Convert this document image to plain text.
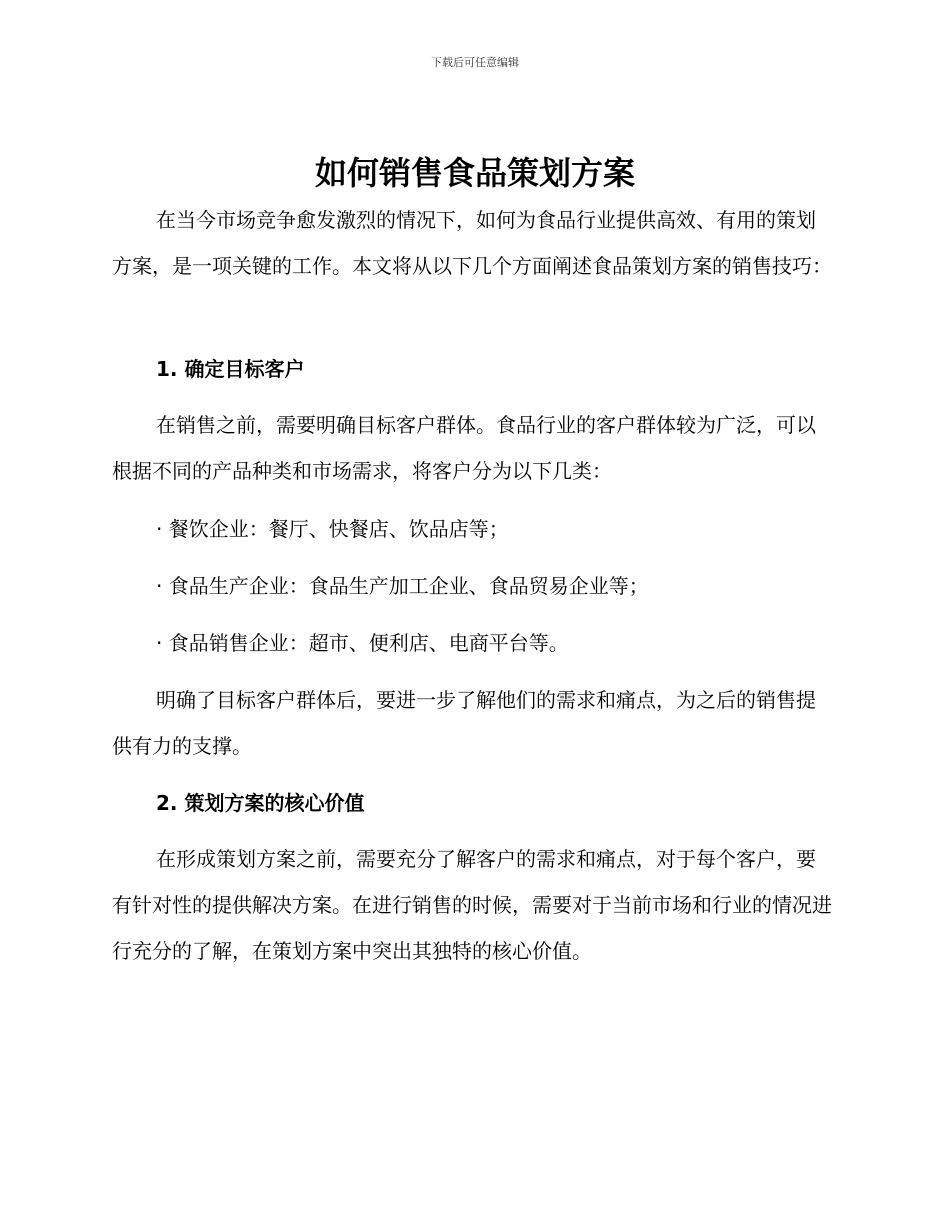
下载后可任意编辑
如何销售食品策划方案

在当今市场竞争愈发激烈的情况下，如何为食品行业提供高效、有用的策划方案，是一项关键的工作。本文将从以下几个方面阐述食品策划方案的销售技巧：

1. 确定目标客户

在销售之前，需要明确目标客户群体。食品行业的客户群体较为广泛，可以根据不同的产品种类和市场需求，将客户分为以下几类：

· 餐饮企业：餐厅、快餐店、饮品店等；
· 食品生产企业：食品生产加工企业、食品贸易企业等；
· 食品销售企业：超市、便利店、电商平台等。

明确了目标客户群体后，要进一步了解他们的需求和痛点，为之后的销售提供有力的支撑。

2. 策划方案的核心价值

在形成策划方案之前，需要充分了解客户的需求和痛点，对于每个客户，要有针对性的提供解决方案。在进行销售的时候，需要对于当前市场和行业的情况进行充分的了解，在策划方案中突出其独特的核心价值。
